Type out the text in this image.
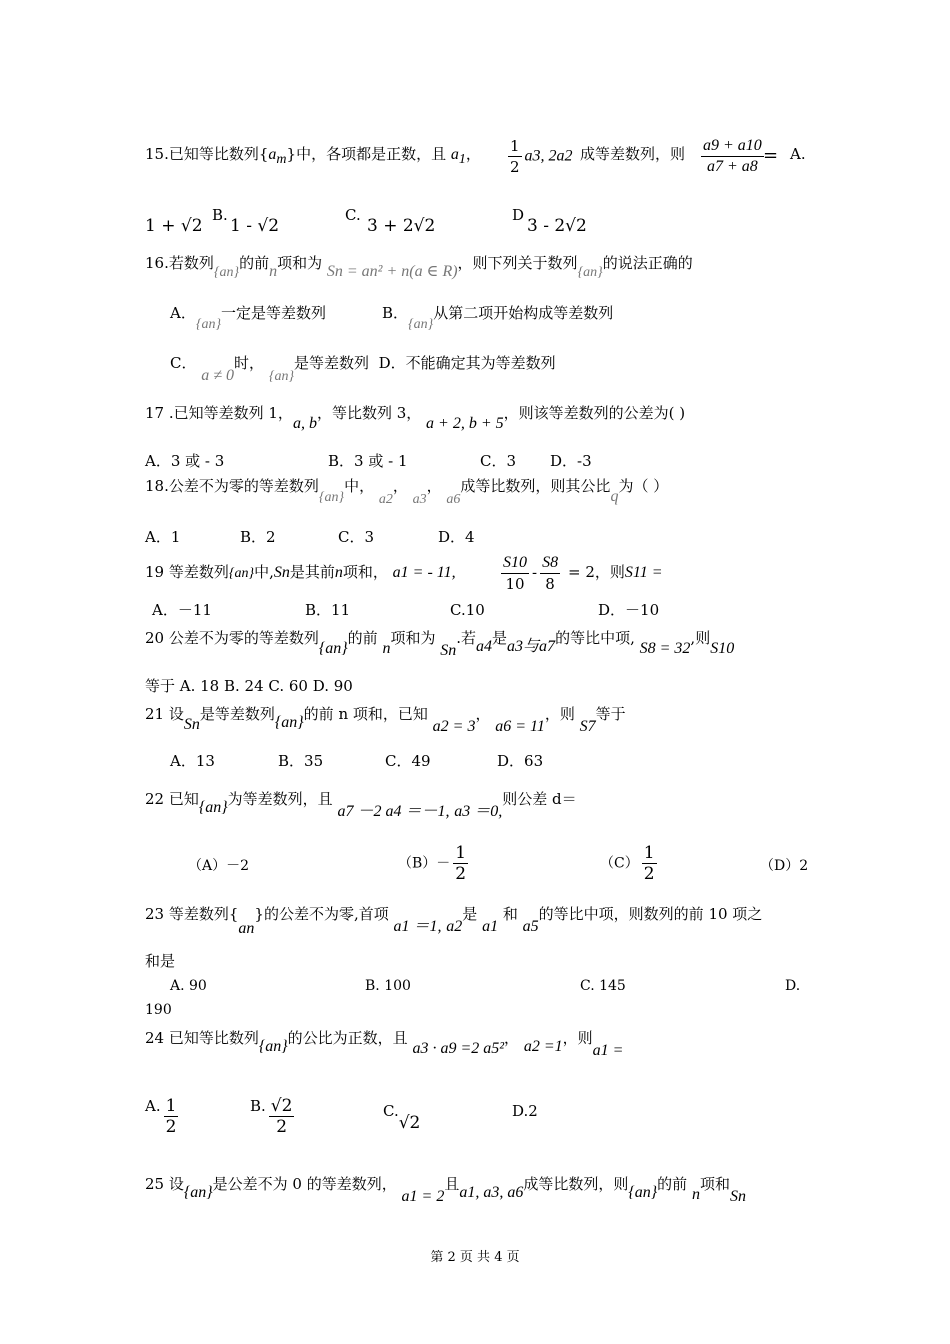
15.已知等比数列$\{a_m\}$中，各项都是正数，且 $a_1$， $\frac{1}{2} a3$, 2a2 成等差数列，则 $\frac{a9 + a10}{a7 + a8} = A$.
1 + √2
B.
1 - √2
C.
3 + 2√2
D
3 - 2√2
16.若数列{an}的前n项和为 Sn = an² + n(a ∈ R)，则下列关于数列{an}的说法正确的
A．{an}一定是等差数列	B．{an}从第二项开始构成等差数列
C． a ≠ 0时， {an}是等差数列 D．不能确定其为等差数列
17 .已知等差数列 1，a, b，等比数列 3， a + 2, b + 5，则该等差数列的公差为( )
A．3 或 - 3	B．3 或 - 1	C．3 D．-3
18.公差不为零的等差数列{an}中， a2， a3， a6成等比数列，则其公比q为（ ）
A．1	B．2	C．3	D．4
19 等差数列{an}中,Sn是其前n项和， a1 = - 11,	$\frac{S10}{10} - \frac{S8}{8} = 2$，则S11 =
A．－11	B．11	C.10	D．－10
20 公差不为零的等差数列{an}的前 n项和为 Sn.若a4是a3与a7的等比中项, S8 = 32,则S10
等于 A. 18 B. 24 C. 60 D. 90
21 设Sn是等差数列{an}的前 n 项和，已知 a2 = 3， a6 = 11，则 S7等于
A．13	B．35	C．49	D．63
22 已知{an}为等差数列，且 a7 －2 a4 ＝－1, a3 ＝0,则公差 d＝
（A）－2	$(B)- \frac{1}{2}$	$(C) \frac{1}{2}$	（D）2
23 等差数列{an}的公差不为零,首项 a1 ＝1, a2是 a1 和 a5的等比中项，则数列的前 10 项之
和是
A. 90	B. 100	C. 145	D.
190
24 已知等比数列{an}的公比为正数，且 a3 · a9 =2 a5²， a2 =1，则a1 =
A. $\frac{1}{2}$	B. $\frac{√2}{2}$	C.√2
D.2
25 设{an}是公差不为 0 的等差数列， a1 = 2且a1, a3, a6成等比数列，则{an}的前 n项和Sn
第 2 页 共 4 页
